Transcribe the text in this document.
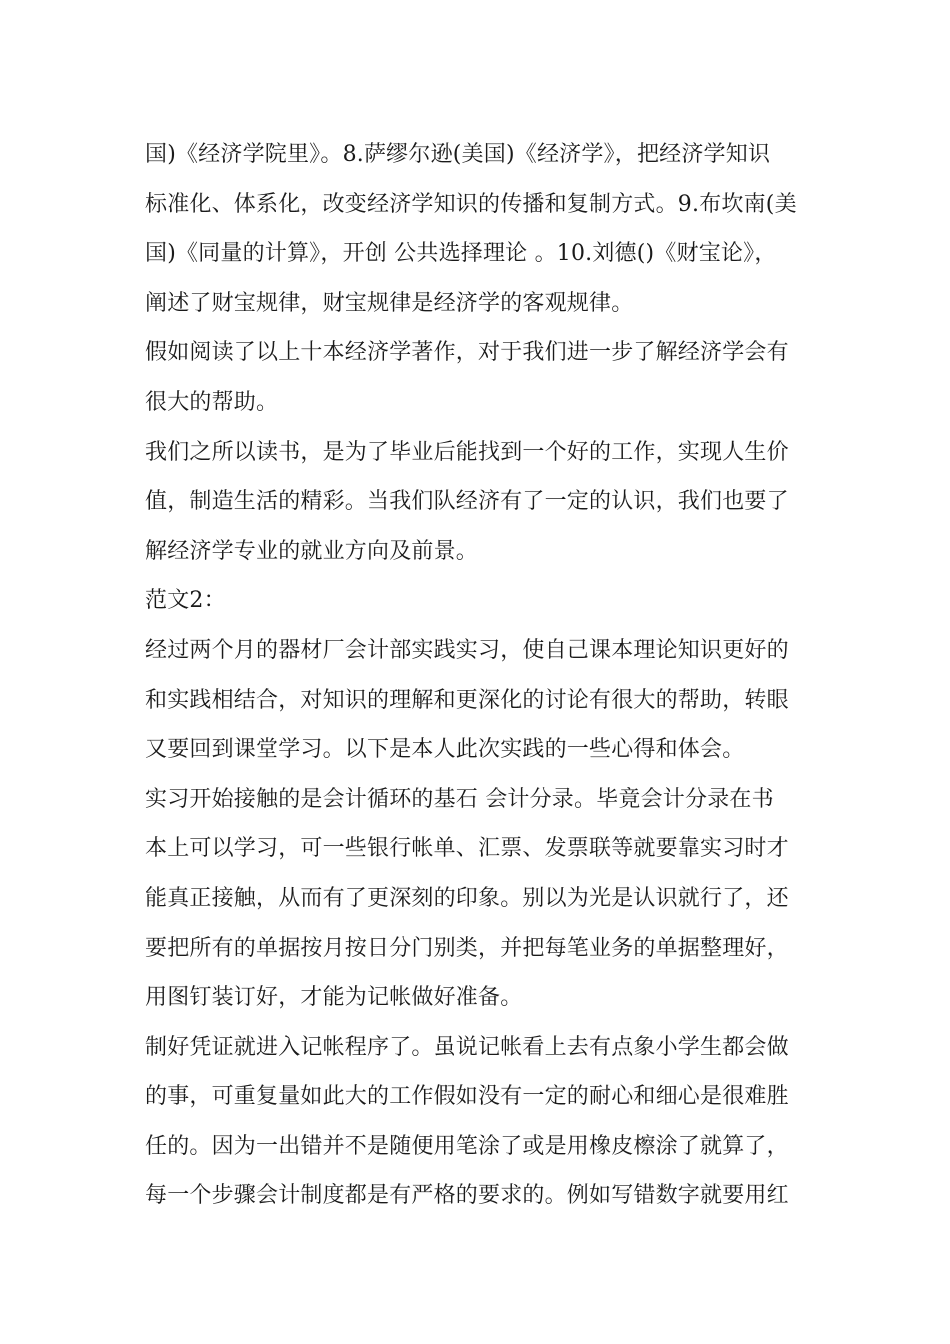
国)《经济学院里》。8.萨缪尔逊(美国)《经济学》，把经济学知识
标准化、体系化，改变经济学知识的传播和复制方式。9.布坎南(美
国)《同量的计算》，开创 公共选择理论 。10.刘德()《财宝论》，
阐述了财宝规律，财宝规律是经济学的客观规律。
假如阅读了以上十本经济学著作，对于我们进一步了解经济学会有
很大的帮助。
我们之所以读书，是为了毕业后能找到一个好的工作，实现人生价
值，制造生活的精彩。当我们队经济有了一定的认识，我们也要了
解经济学专业的就业方向及前景。
范文2：
经过两个月的器材厂会计部实践实习，使自己课本理论知识更好的
和实践相结合，对知识的理解和更深化的讨论有很大的帮助，转眼
又要回到课堂学习。以下是本人此次实践的一些心得和体会。
实习开始接触的是会计循环的基石 会计分录。毕竟会计分录在书
本上可以学习，可一些银行帐单、汇票、发票联等就要靠实习时才
能真正接触，从而有了更深刻的印象。别以为光是认识就行了，还
要把所有的单据按月按日分门别类，并把每笔业务的单据整理好，
用图钉装订好，才能为记帐做好准备。
制好凭证就进入记帐程序了。虽说记帐看上去有点象小学生都会做
的事，可重复量如此大的工作假如没有一定的耐心和细心是很难胜
任的。因为一出错并不是随便用笔涂了或是用橡皮檫涂了就算了，
每一个步骤会计制度都是有严格的要求的。例如写错数字就要用红
